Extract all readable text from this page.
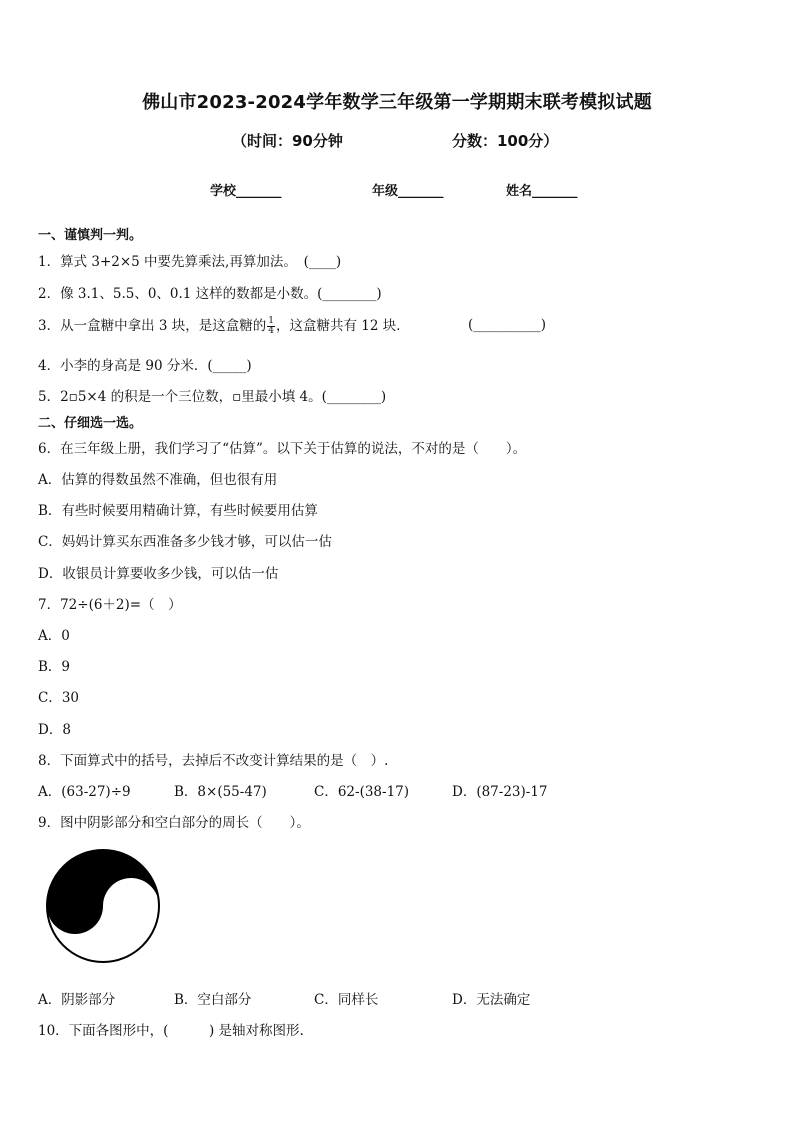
佛山市2023-2024学年数学三年级第一学期期末联考模拟试题
（时间：90分钟	分数：100分）
学校_______	年级_______	姓名_______
一、谨慎判一判。
1．算式 3+2×5 中要先算乘法,再算加法。　(____)
2．像 3.1、5.5、0、0.1 这样的数都是小数。(________)
3．从一盒糖中拿出 3 块，是这盒糖的 $\frac{1}{4}$ ，这盒糖共有 12 块．	(__________)
4．小李的身高是 90 分米．(_____)
5．2▫5×4 的积是一个三位数，▫里最小填 4。(________)
二、仔细选一选。
6．在三年级上册，我们学习了“估算”。以下关于估算的说法，不对的是（　　）。
A．估算的得数虽然不准确，但也很有用
B．有些时候要用精确计算，有些时候要用估算
C．妈妈计算买东西准备多少钱才够，可以估一估
D．收银员计算要收多少钱，可以估一估
7．72÷(6＋2)=（　）
A．0
B．9
C．30
D．8
8．下面算式中的括号，去掉后不改变计算结果的是（　）.
A．(63-27)÷9	B．8×(55-47)	C．62-(38-17)	D．(87-23)-17
9．图中阴影部分和空白部分的周长（　　）。
A．阴影部分	B．空白部分	C．同样长	D．无法确定
10．下面各图形中，(　　　) 是轴对称图形.
